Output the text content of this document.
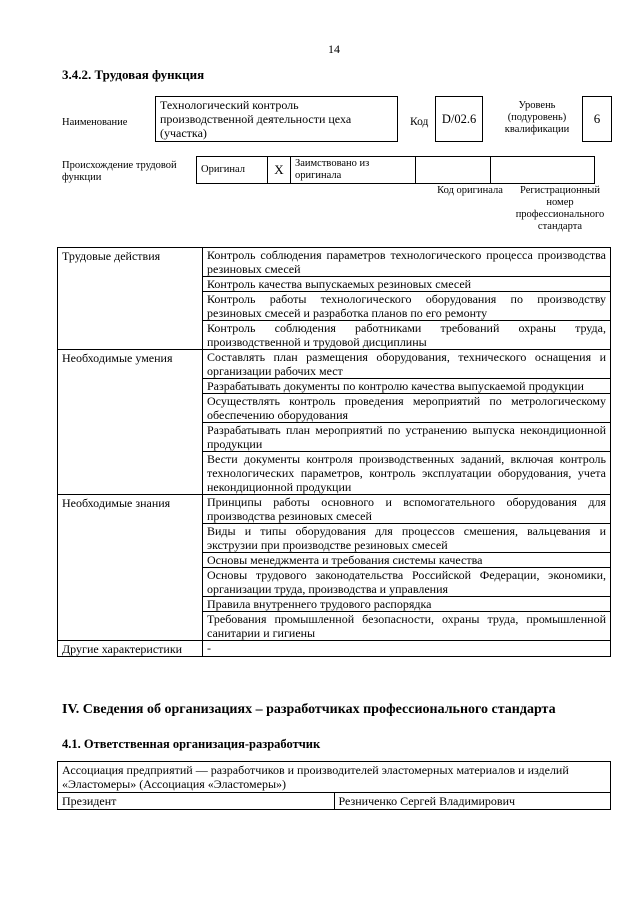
14
3.4.2. Трудовая функция
Наименование
Технологический контроль производственной деятельности цеха (участка)
Код	D/02.6
Уровень (подуровень) квалификации
6
Происхождение трудовой функции
Оригинал	X	Заимствовано из оригинала		
Код оригинала	Регистрационный номер профессионального стандарта
Трудовые действия	Контроль соблюдения параметров технологического процесса производства резиновых смесей
	Контроль качества выпускаемых резиновых смесей
	Контроль работы технологического оборудования по производству резиновых смесей и разработка планов по его ремонту
	Контроль соблюдения работниками требований охраны труда, производственной и трудовой дисциплины
Необходимые умения	Составлять план размещения оборудования, технического оснащения и организации рабочих мест
	Разрабатывать документы по контролю качества выпускаемой продукции
	Осуществлять контроль проведения мероприятий по метрологическому обеспечению оборудования
	Разрабатывать план мероприятий по устранению выпуска некондиционной продукции
	Вести документы контроля производственных заданий, включая контроль технологических параметров, контроль эксплуатации оборудования, учета некондиционной продукции
Необходимые знания	Принципы работы основного и вспомогательного оборудования для производства резиновых смесей
	Виды и типы оборудования для процессов смешения, вальцевания и экструзии при производстве резиновых смесей
	Основы менеджмента и требования системы качества
	Основы трудового законодательства Российской Федерации, экономики, организации труда, производства и управления
	Правила внутреннего трудового распорядка
	Требования промышленной безопасности, охраны труда, промышленной санитарии и гигиены
Другие характеристики	-
IV. Сведения об организациях – разработчиках профессионального стандарта
4.1. Ответственная организация-разработчик
Ассоциация предприятий — разработчиков и производителей эластомерных материалов и изделий «Эластомеры» (Ассоциация «Эластомеры»)
Президент	Резниченко Сергей Владимирович
